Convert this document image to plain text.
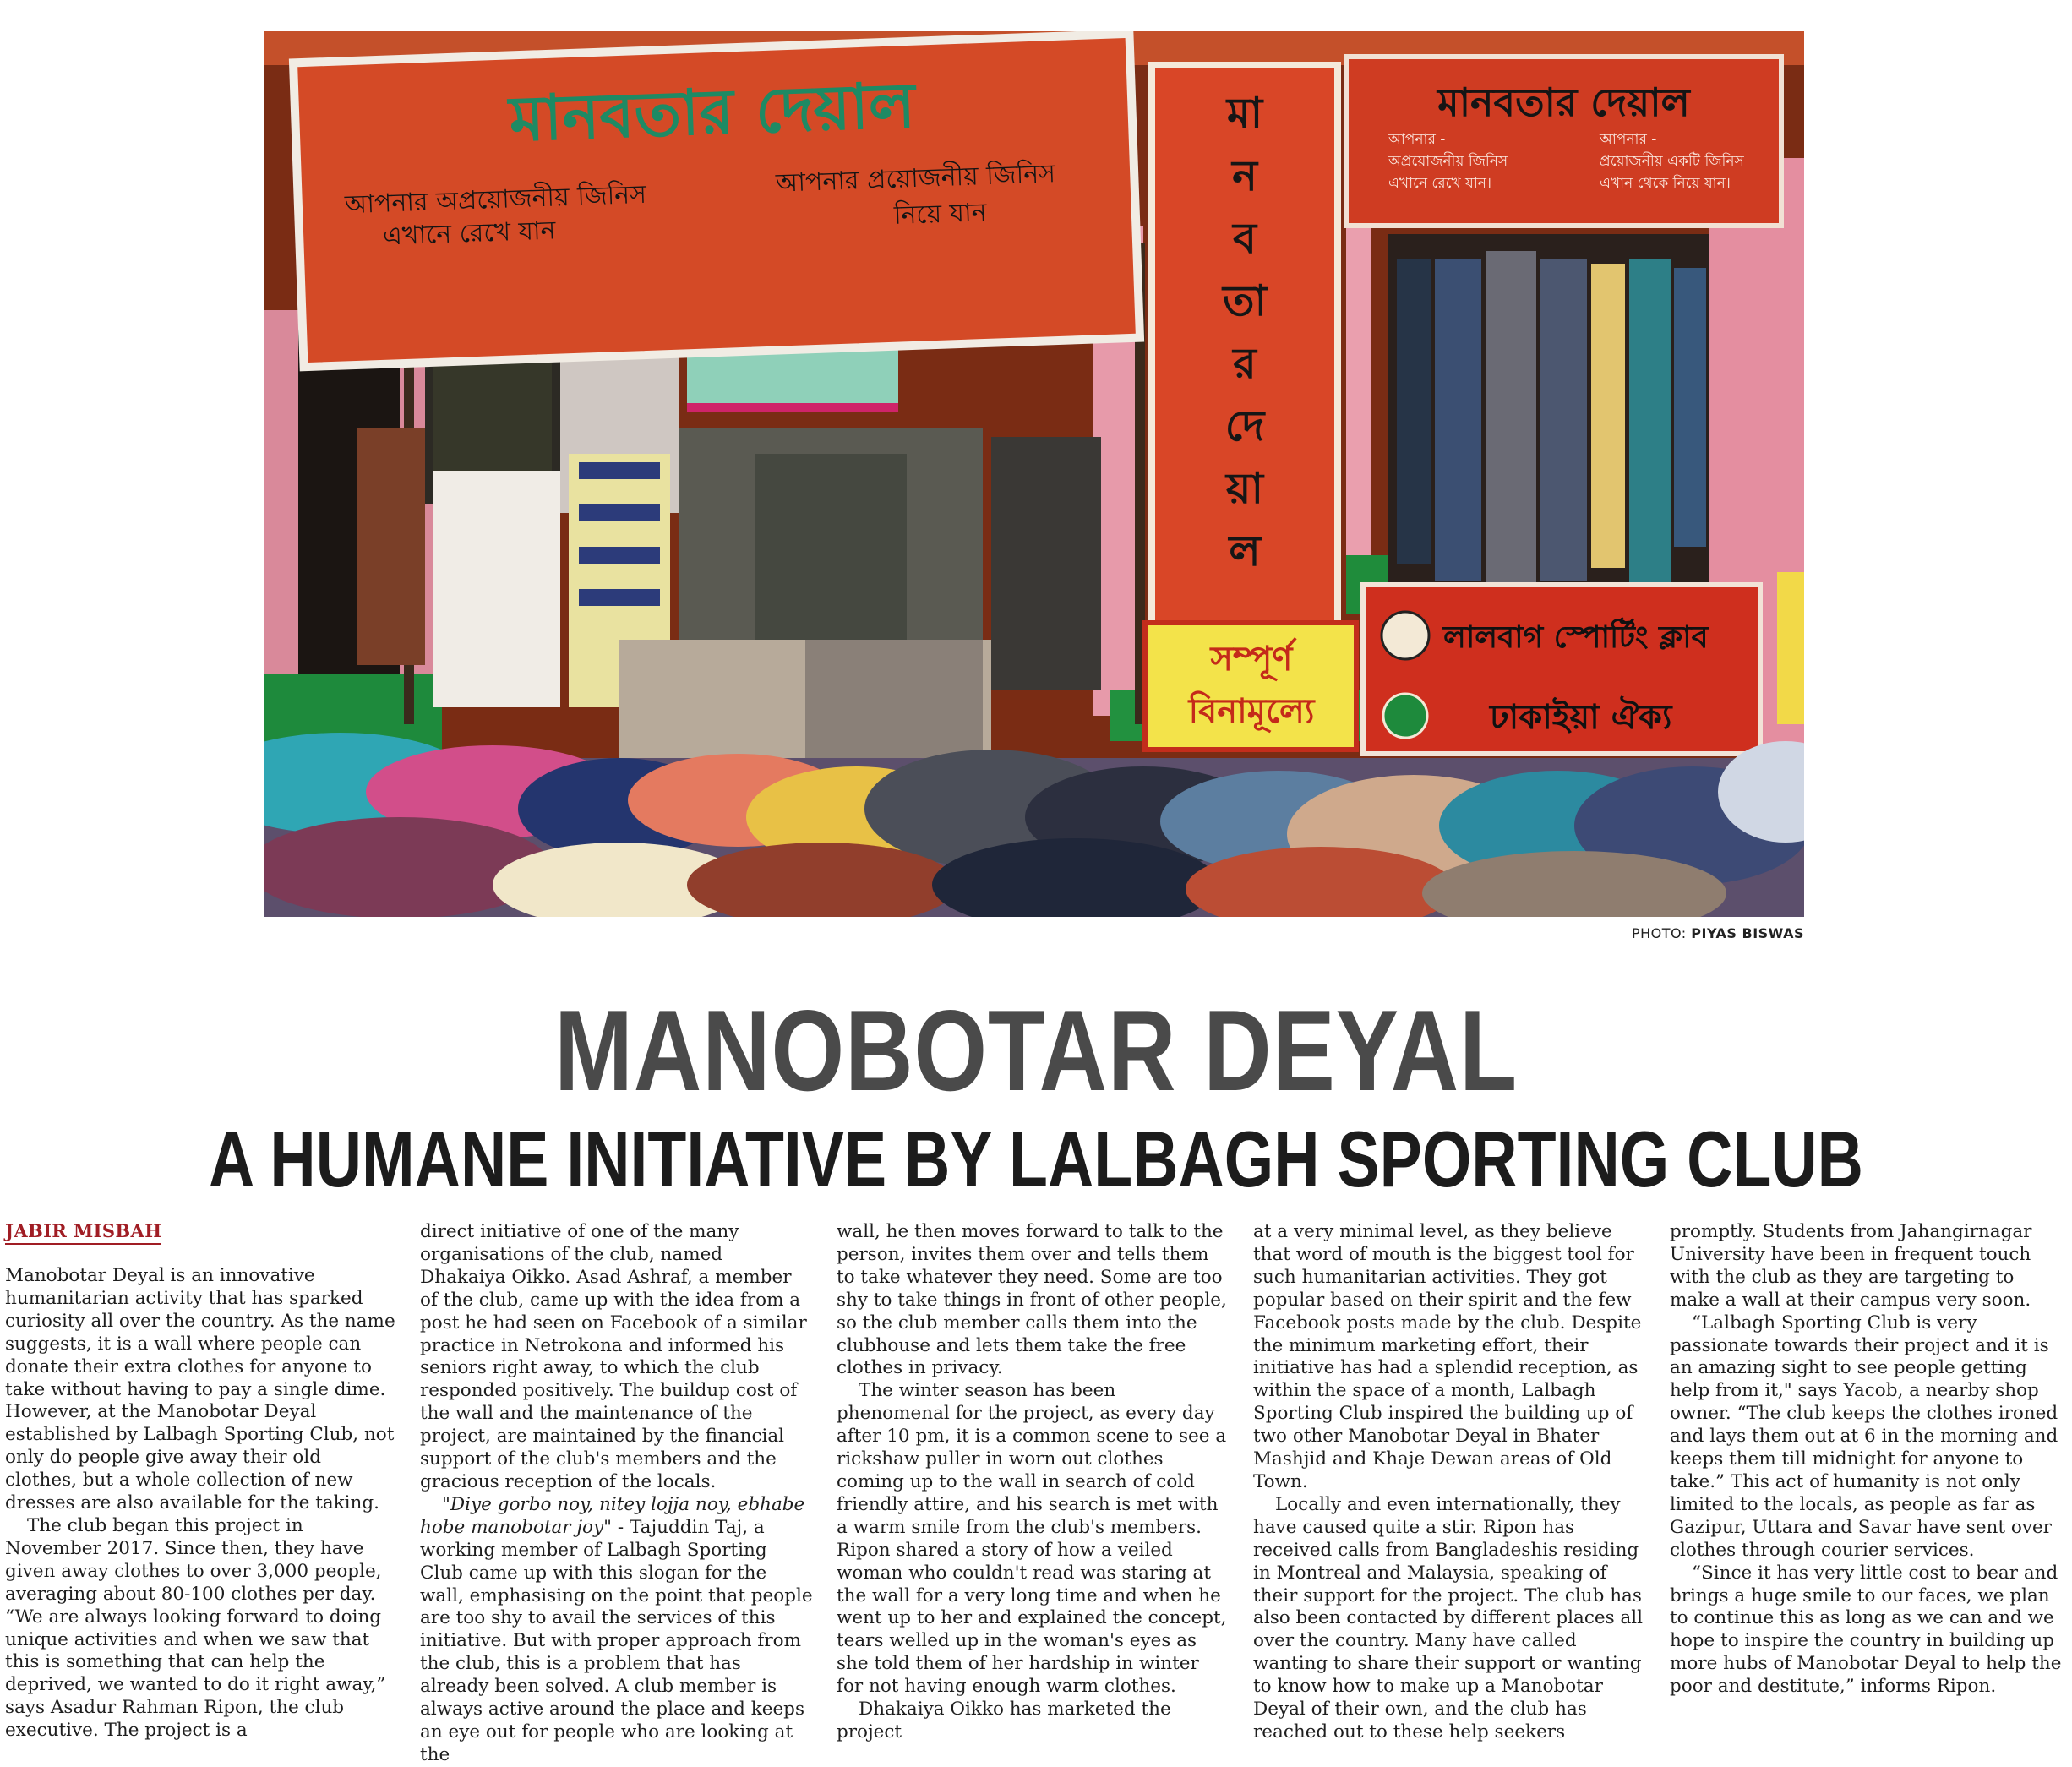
মানবতার দেয়াল
আপনার অপ্রয়োজনীয় জিনিস
এখানে রেখে যান
আপনার প্রয়োজনীয় জিনিস
নিয়ে যান
মা
ন
ব
তা
র
দে
য়া
ল
মানবতার দেয়াল
আপনার -
অপ্রয়োজনীয় জিনিস
এখানে রেখে যান।
আপনার -
প্রয়োজনীয় একটি জিনিস
এখান থেকে নিয়ে যান।
সম্পূর্ণ
বিনামূল্যে
লালবাগ স্পোর্টিং ক্লাব
ঢাকাইয়া ঐক্য
PHOTO: PIYAS BISWAS
MANOBOTAR DEYAL
A HUMANE INITIATIVE BY LALBAGH SPORTING CLUB
JABIR MISBAH

Manobotar Deyal is an innovative humanitarian activity that has sparked curiosity all over the country. As the name suggests, it is a wall where people can donate their extra clothes for anyone to take without having to pay a single dime. However, at the Manobotar Deyal established by Lalbagh Sporting Club, not only do people give away their old clothes, but a whole collection of new dresses are also available for the taking.

The club began this project in November 2017. Since then, they have given away clothes to over 3,000 people, averaging about 80-100 clothes per day. “We are always looking forward to doing unique activities and when we saw that this is something that can help the deprived, we wanted to do it right away,” says Asadur Rahman Ripon, the club executive. The project is a

direct initiative of one of the many organisations of the club, named Dhakaiya Oikko. Asad Ashraf, a member of the club, came up with the idea from a post he had seen on Facebook of a similar practice in Netrokona and informed his seniors right away, to which the club responded positively. The buildup cost of the wall and the maintenance of the project, are maintained by the financial support of the club's members and the gracious reception of the locals.

"Diye gorbo noy, nitey lojja noy, ebhabe hobe manobotar joy" - Tajuddin Taj, a working member of Lalbagh Sporting Club came up with this slogan for the wall, emphasising on the point that people are too shy to avail the services of this initiative. But with proper approach from the club, this is a problem that has already been solved. A club member is always active around the place and keeps an eye out for people who are looking at the

wall, he then moves forward to talk to the person, invites them over and tells them to take whatever they need. Some are too shy to take things in front of other people, so the club member calls them into the clubhouse and lets them take the free clothes in privacy.

The winter season has been phenomenal for the project, as every day after 10 pm, it is a common scene to see a rickshaw puller in worn out clothes coming up to the wall in search of cold friendly attire, and his search is met with a warm smile from the club's members. Ripon shared a story of how a veiled woman who couldn't read was staring at the wall for a very long time and when he went up to her and explained the concept, tears welled up in the woman's eyes as she told them of her hardship in winter for not having enough warm clothes.

Dhakaiya Oikko has marketed the project

at a very minimal level, as they believe that word of mouth is the biggest tool for such humanitarian activities. They got popular based on their spirit and the few Facebook posts made by the club. Despite the minimum marketing effort, their initiative has had a splendid reception, as within the space of a month, Lalbagh Sporting Club inspired the building up of two other Manobotar Deyal in Bhater Mashjid and Khaje Dewan areas of Old Town.

Locally and even internationally, they have caused quite a stir. Ripon has received calls from Bangladeshis residing in Montreal and Malaysia, speaking of their support for the project. The club has also been contacted by different places all over the country. Many have called wanting to share their support or wanting to know how to make up a Manobotar Deyal of their own, and the club has reached out to these help seekers

promptly. Students from Jahangirnagar University have been in frequent touch with the club as they are targeting to make a wall at their campus very soon.

“Lalbagh Sporting Club is very passionate towards their project and it is an amazing sight to see people getting help from it," says Yacob, a nearby shop owner. “The club keeps the clothes ironed and lays them out at 6 in the morning and keeps them till midnight for anyone to take.” This act of humanity is not only limited to the locals, as people as far as Gazipur, Uttara and Savar have sent over clothes through courier services.

“Since it has very little cost to bear and brings a huge smile to our faces, we plan to continue this as long as we can and we hope to inspire the country in building up more hubs of Manobotar Deyal to help the poor and destitute,” informs Ripon.
